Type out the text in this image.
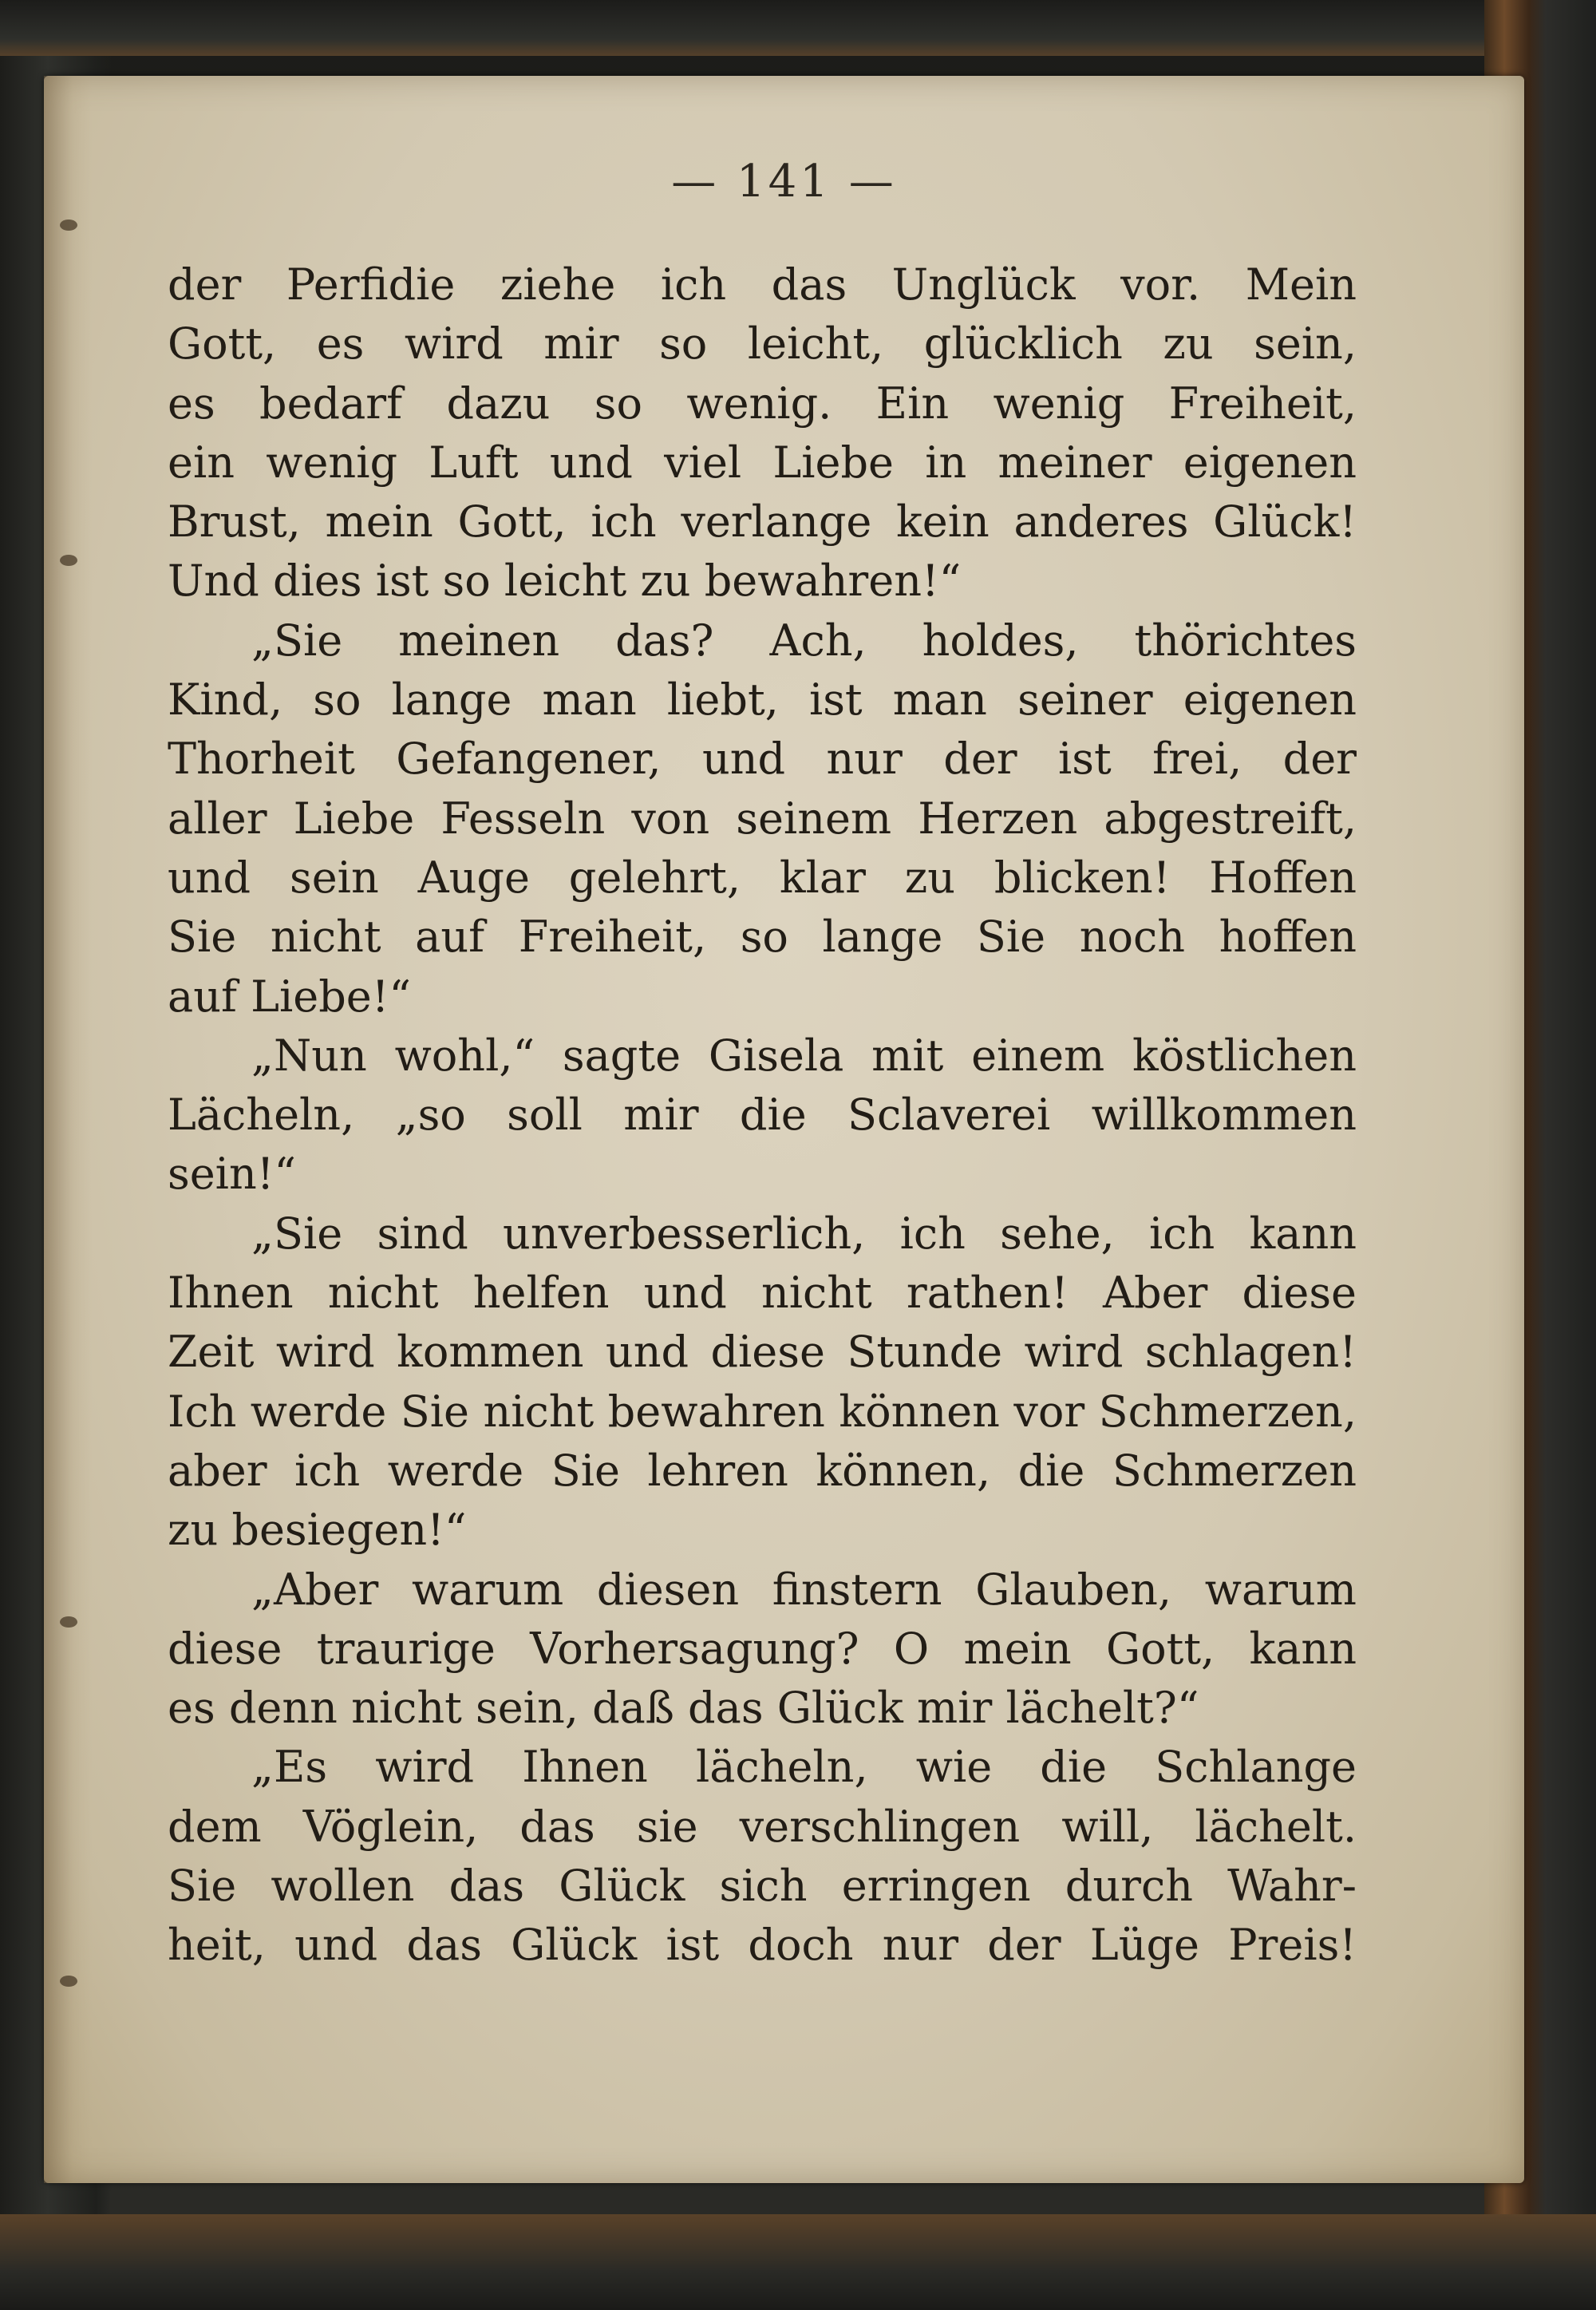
— 141 —
der Perfidie ziehe ich das Unglück vor. Mein
Gott, es wird mir so leicht, glücklich zu sein,
es bedarf dazu so wenig. Ein wenig Freiheit,
ein wenig Luft und viel Liebe in meiner eigenen
Brust, mein Gott, ich verlange kein anderes Glück!
Und dies ist so leicht zu bewahren!“
„Sie meinen das? Ach, holdes, thörichtes
Kind, so lange man liebt, ist man seiner eigenen
Thorheit Gefangener, und nur der ist frei, der
aller Liebe Fesseln von seinem Herzen abgestreift,
und sein Auge gelehrt, klar zu blicken! Hoffen
Sie nicht auf Freiheit, so lange Sie noch hoffen
auf Liebe!“
„Nun wohl,“ sagte Gisela mit einem köstlichen
Lächeln, „so soll mir die Sclaverei willkommen
sein!“
„Sie sind unverbesserlich, ich sehe, ich kann
Ihnen nicht helfen und nicht rathen! Aber diese
Zeit wird kommen und diese Stunde wird schlagen!
Ich werde Sie nicht bewahren können vor Schmerzen,
aber ich werde Sie lehren können, die Schmerzen
zu besiegen!“
„Aber warum diesen finstern Glauben, warum
diese traurige Vorhersagung? O mein Gott, kann
es denn nicht sein, daß das Glück mir lächelt?“
„Es wird Ihnen lächeln, wie die Schlange
dem Vöglein, das sie verschlingen will, lächelt.
Sie wollen das Glück sich erringen durch Wahr-
heit, und das Glück ist doch nur der Lüge Preis!
